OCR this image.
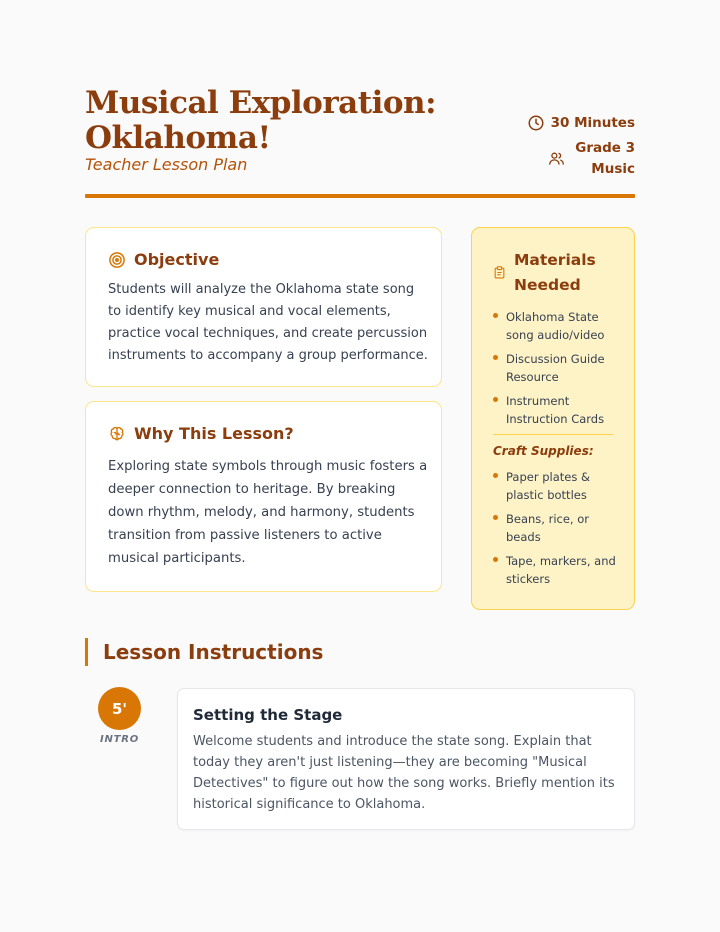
Musical Exploration: Oklahoma!
Teacher Lesson Plan
30 Minutes
Grade 3
Music
Objective

Students will analyze the Oklahoma state song to identify key musical and vocal elements, practice vocal techniques, and create percussion instruments to accompany a group performance.

Why This Lesson?

Exploring state symbols through music fosters a deeper connection to heritage. By breaking down rhythm, melody, and harmony, students transition from passive listeners to active musical participants.

Materials
Needed
Oklahoma State song audio/video
Discussion Guide Resource
Instrument Instruction Cards
Craft Supplies:
Paper plates & plastic bottles
Beans, rice, or beads
Tape, markers, and stickers
Lesson Instructions
5'
INTRO
Setting the Stage

Welcome students and introduce the state song. Explain that today they aren't just listening—they are becoming "Musical Detectives" to figure out how the song works. Briefly mention its historical significance to Oklahoma.
